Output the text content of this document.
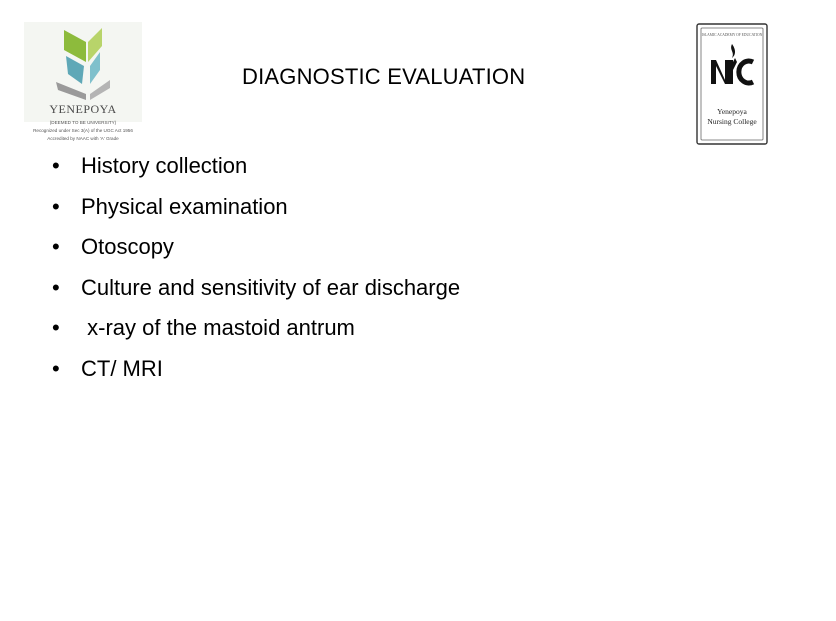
YENEPOYA
(DEEMED TO BE UNIVERSITY)
Recognized under Sec 3(A) of the UGC Act 1956
Accredited by NAAC with 'A' Grade
DIAGNOSTIC EVALUATION
ISLAMIC ACADEMY OF EDUCATION
Yenepoya
Nursing College
• History collection
• Physical examination
• Otoscopy
• Culture and sensitivity of ear discharge
• x-ray of the mastoid antrum
• CT/ MRI
